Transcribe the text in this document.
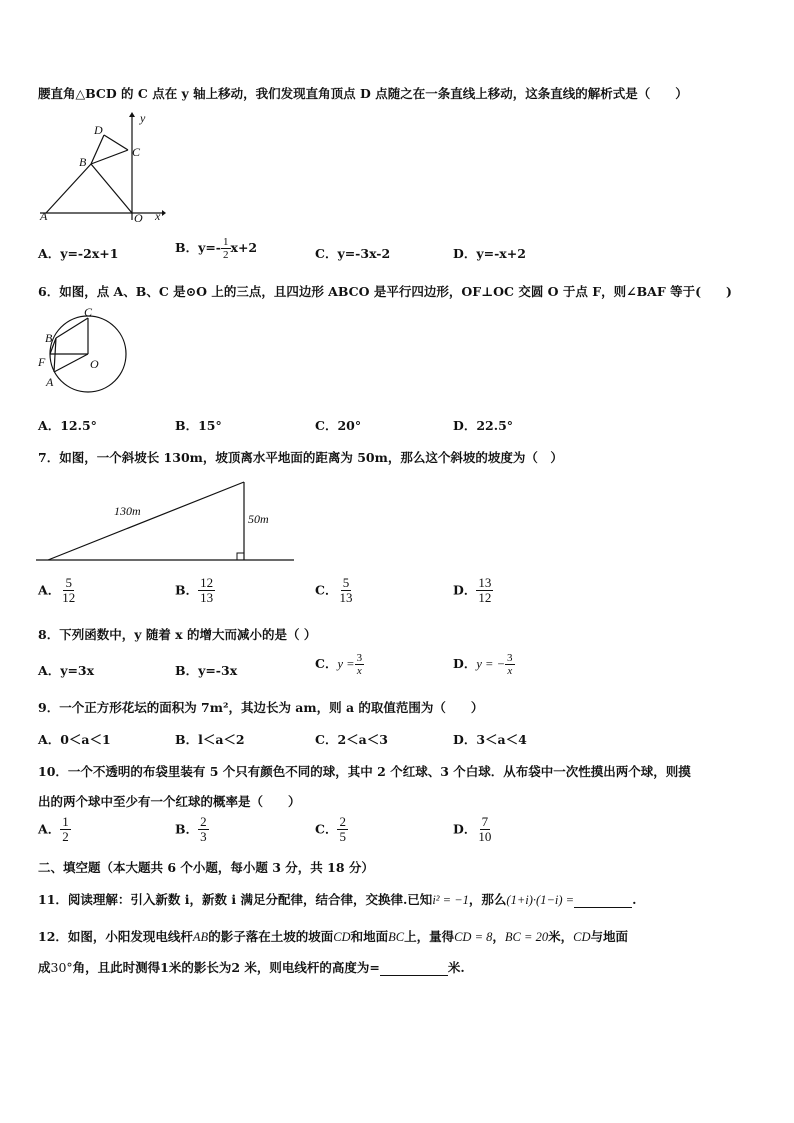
腰直角△BCD 的 C 点在 y 轴上移动，我们发现直角顶点 D 点随之在一条直线上移动，这条直线的解析式是（　　）
D
C
B
A	O x
y
A．y=-2x+1	B．$y=- \frac{1}{2} x+2$	C．y=-3x-2	D．y=-x+2
6．如图，点 A、B、C 是⊙O 上的三点，且四边形 ABCO 是平行四边形，OF⊥OC 交圆 O 于点 F，则∠BAF 等于(　　)
C
B
F	O
A
A．12.5°	B．15°	C．20°	D．22.5°
7．如图，一个斜坡长 130m，坡顶离水平地面的距离为 50m，那么这个斜坡的坡度为（　）
130m
50m
A． $\frac{5}{12}$	B． $\frac{12}{13}$	C． $\frac{5}{13}$	D． $\frac{13}{12}$
8．下列函数中，y 随着 x 的增大而减小的是（ ）
A．y=3x	B．y=-3x	C．$y = \frac{3}{x}$	D．y = − $\frac{3}{x}$
9．一个正方形花坛的面积为 7m²，其边长为 am，则 a 的取值范围为（　　）
A．0＜a＜1	B．l＜a＜2	C．2＜a＜3	D．3＜a＜4
10．一个不透明的布袋里装有 5 个只有颜色不同的球，其中 2 个红球、3 个白球．从布袋中一次性摸出两个球，则摸
出的两个球中至少有一个红球的概率是（　　）
A． $\frac{1}{2}$	B． $\frac{2}{3}$	C． $\frac{2}{5}$	D． $\frac{7}{10}$
二、填空题（本大题共 6 个小题，每小题 3 分，共 18 分）
11．阅读理解：引入新数 i，新数 i 满足分配律，结合律，交换律.已知i² = −1，那么(1+i)·(1−i) =	.
12．如图，小阳发现电线杆AB的影子落在土坡的坡面CD和地面BC上，量得CD = 8，BC = 20米，CD与地面
成30°角，且此时测得1米的影长为2 米，则电线杆的高度为=	米.
